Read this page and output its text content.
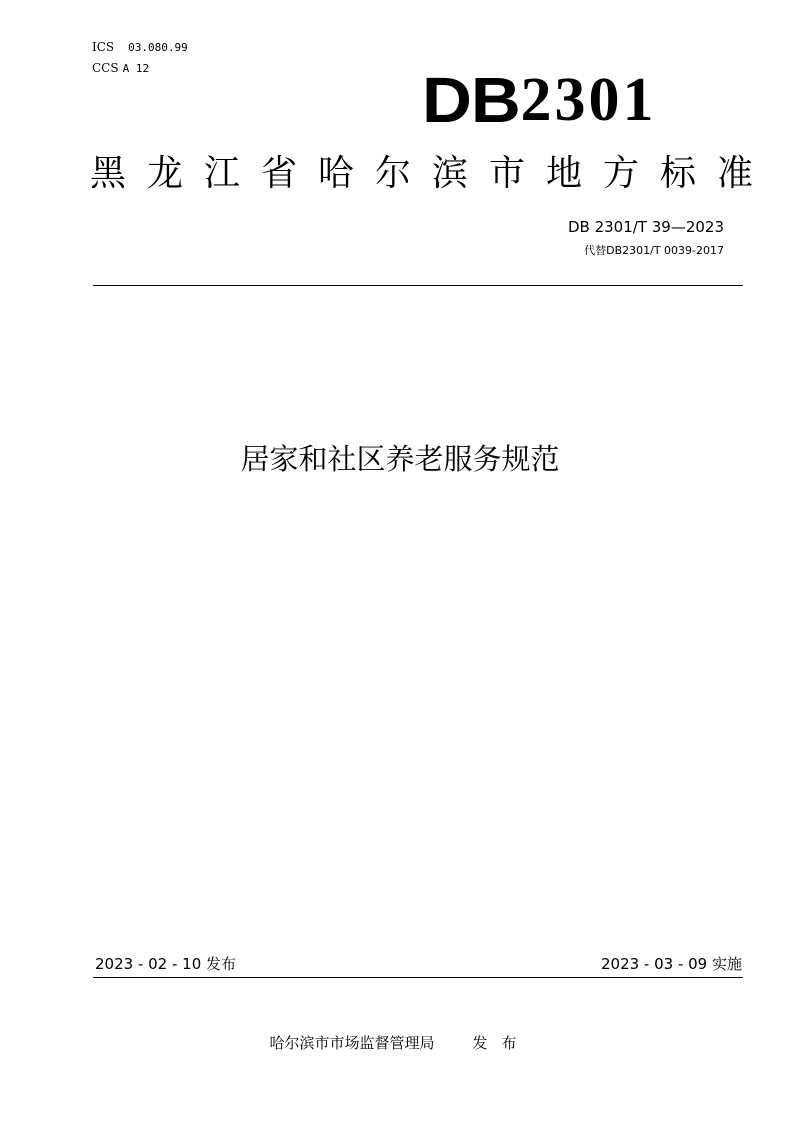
ICS 03.080.99
CCS A 12	DB2301
黑龙江省哈尔滨市地方标准
DB 2301/T 39—2023
代替DB2301/T 0039-2017
居家和社区养老服务规范
2023 - 02 - 10 发布	2023 - 03 - 09 实施
哈尔滨市市场监督管理局	发布
